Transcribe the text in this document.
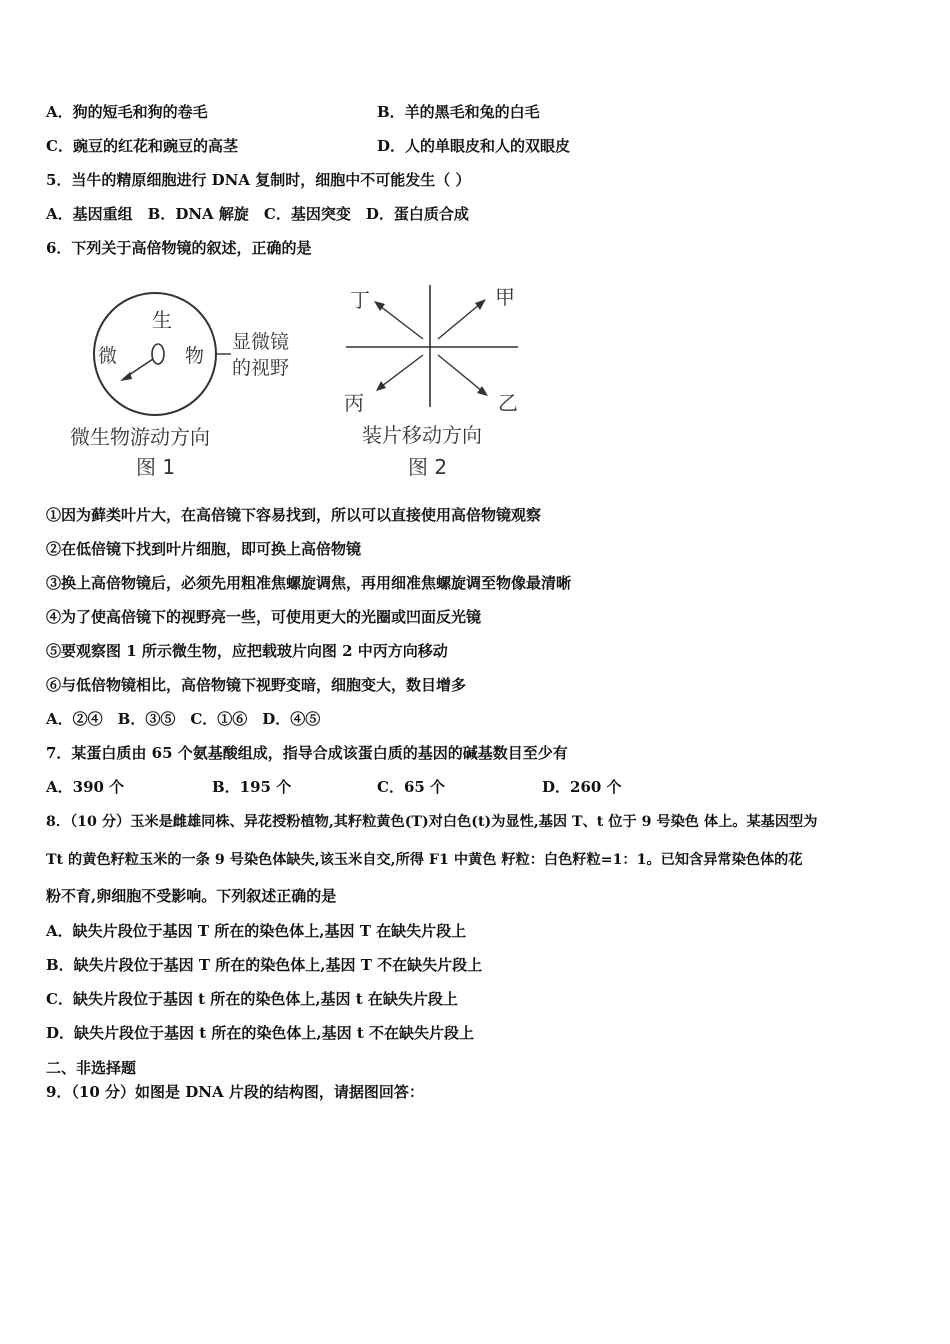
A．狗的短毛和狗的卷毛	B．羊的黑毛和兔的白毛
C．豌豆的红花和豌豆的高茎	D．人的单眼皮和人的双眼皮
5．当牛的精原细胞进行 DNA 复制时，细胞中不可能发生（ ）
A．基因重组　B．DNA 解旋　C．基因突变　D．蛋白质合成
6．下列关于高倍物镜的叙述，正确的是
生
微	物
显微镜
的视野
微生物游动方向
图 1
丁	甲
丙	乙
装片移动方向
图 2
①因为藓类叶片大，在高倍镜下容易找到，所以可以直接使用高倍物镜观察
②在低倍镜下找到叶片细胞，即可换上高倍物镜
③换上高倍物镜后，必须先用粗准焦螺旋调焦，再用细准焦螺旋调至物像最清晰
④为了使高倍镜下的视野亮一些，可使用更大的光圈或凹面反光镜
⑤要观察图 1 所示微生物，应把载玻片向图 2 中丙方向移动
⑥与低倍物镜相比，高倍物镜下视野变暗，细胞变大，数目增多
A．②④　B．③⑤　C．①⑥　D．④⑤
7．某蛋白质由 65 个氨基酸组成，指导合成该蛋白质的基因的碱基数目至少有
A．390 个	B．195 个	C．65 个	D．260 个
8．（10 分）玉米是雌雄同株、异花授粉植物,其籽粒黄色(T)对白色(t)为显性,基因 T、t 位于 9 号染色 体上。某基因型为
Tt 的黄色籽粒玉米的一条 9 号染色体缺失,该玉米自交,所得 F1 中黄色 籽粒：白色籽粒=1：1。已知含异常染色体的花
粉不育,卵细胞不受影响。下列叙述正确的是
A．缺失片段位于基因 T 所在的染色体上,基因 T 在缺失片段上
B．缺失片段位于基因 T 所在的染色体上,基因 T 不在缺失片段上
C．缺失片段位于基因 t 所在的染色体上,基因 t 在缺失片段上
D．缺失片段位于基因 t 所在的染色体上,基因 t 不在缺失片段上
二、非选择题
9．（10 分）如图是 DNA 片段的结构图，请据图回答：
